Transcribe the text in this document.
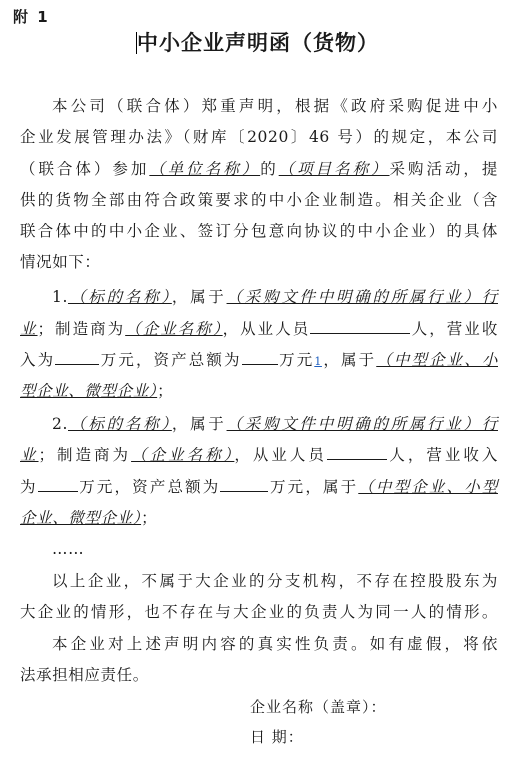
附 1
中小企业声明函（货物）
本公司（联合体）郑重声明，根据《政府采购促进中小
企业发展管理办法》（财库〔2020〕46 号）的规定，本公司
（联合体）参加（单位名称）的（项目名称）采购活动，提
供的货物全部由符合政策要求的中小企业制造。相关企业（含
联合体中的中小企业、签订分包意向协议的中小企业）的具体
情况如下：
1.（标的名称），属于（采购文件中明确的所属行业）行
业；制造商为（企业名称），从业人员	人，营业收
入为	万元，资产总额为 万元1，属于（中型企业、小
型企业、微型企业）；
2.（标的名称），属于（采购文件中明确的所属行业）行
业；制造商为（企业名称），从业人员	人，营业收入
为	万元，资产总额为	万元，属于（中型企业、小型
企业、微型企业）；
……
以上企业，不属于大企业的分支机构，不存在控股股东为
大企业的情形，也不存在与大企业的负责人为同一人的情形。
本企业对上述声明内容的真实性负责。如有虚假，将依
法承担相应责任。
企业名称（盖章）：
日 期：
